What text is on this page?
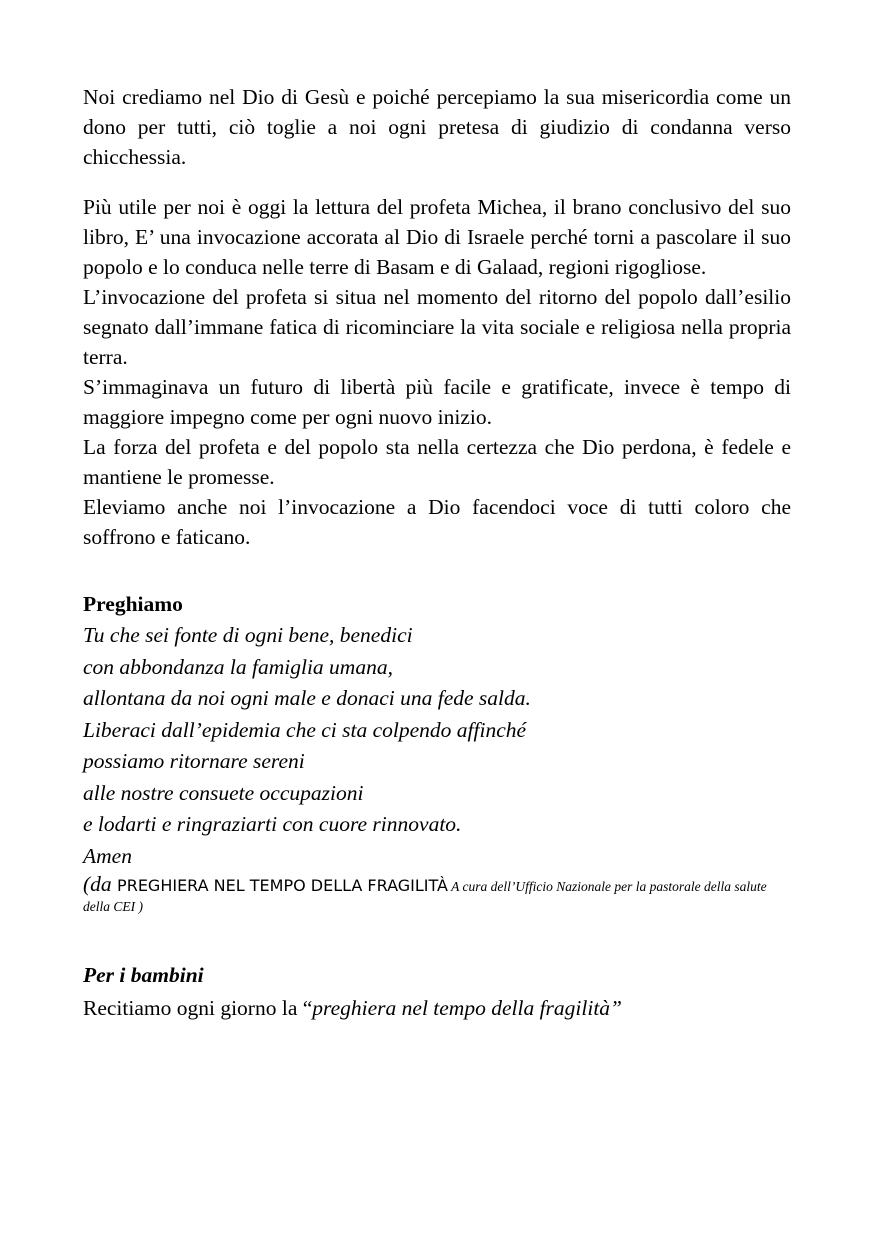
Noi crediamo nel Dio di Gesù e poiché percepiamo la sua misericordia come un dono per tutti, ciò toglie a noi ogni pretesa di giudizio di condanna verso chicchessia.

Più utile per noi è oggi la lettura del profeta Michea, il brano conclusivo del suo libro, E’ una invocazione accorata al Dio di Israele perché torni a pascolare il suo popolo e lo conduca nelle terre di Basam e di Galaad, regioni rigogliose.

L’invocazione del profeta si situa nel momento del ritorno del popolo dall’esilio segnato dall’immane fatica di ricominciare la vita sociale e religiosa nella propria terra.

S’immaginava un futuro di libertà più facile e gratificate, invece è tempo di maggiore impegno come per ogni nuovo inizio.

La forza del profeta e del popolo sta nella certezza che Dio perdona, è fedele e mantiene le promesse.

Eleviamo anche noi l’invocazione a Dio facendoci voce di tutti coloro che soffrono e faticano.

Preghiamo
Tu che sei fonte di ogni bene, benedici
con abbondanza la famiglia umana,
allontana da noi ogni male e donaci una fede salda.
Liberaci dall’epidemia che ci sta colpendo affinché
possiamo ritornare sereni
alle nostre consuete occupazioni
e lodarti e ringraziarti con cuore rinnovato.
Amen

(da PREGHIERA NEL TEMPO DELLA FRAGILITÀ A cura dell’Ufficio Nazionale per la pastorale della salute della CEI )

Per i bambini

Recitiamo ogni giorno la “preghiera nel tempo della fragilità”
